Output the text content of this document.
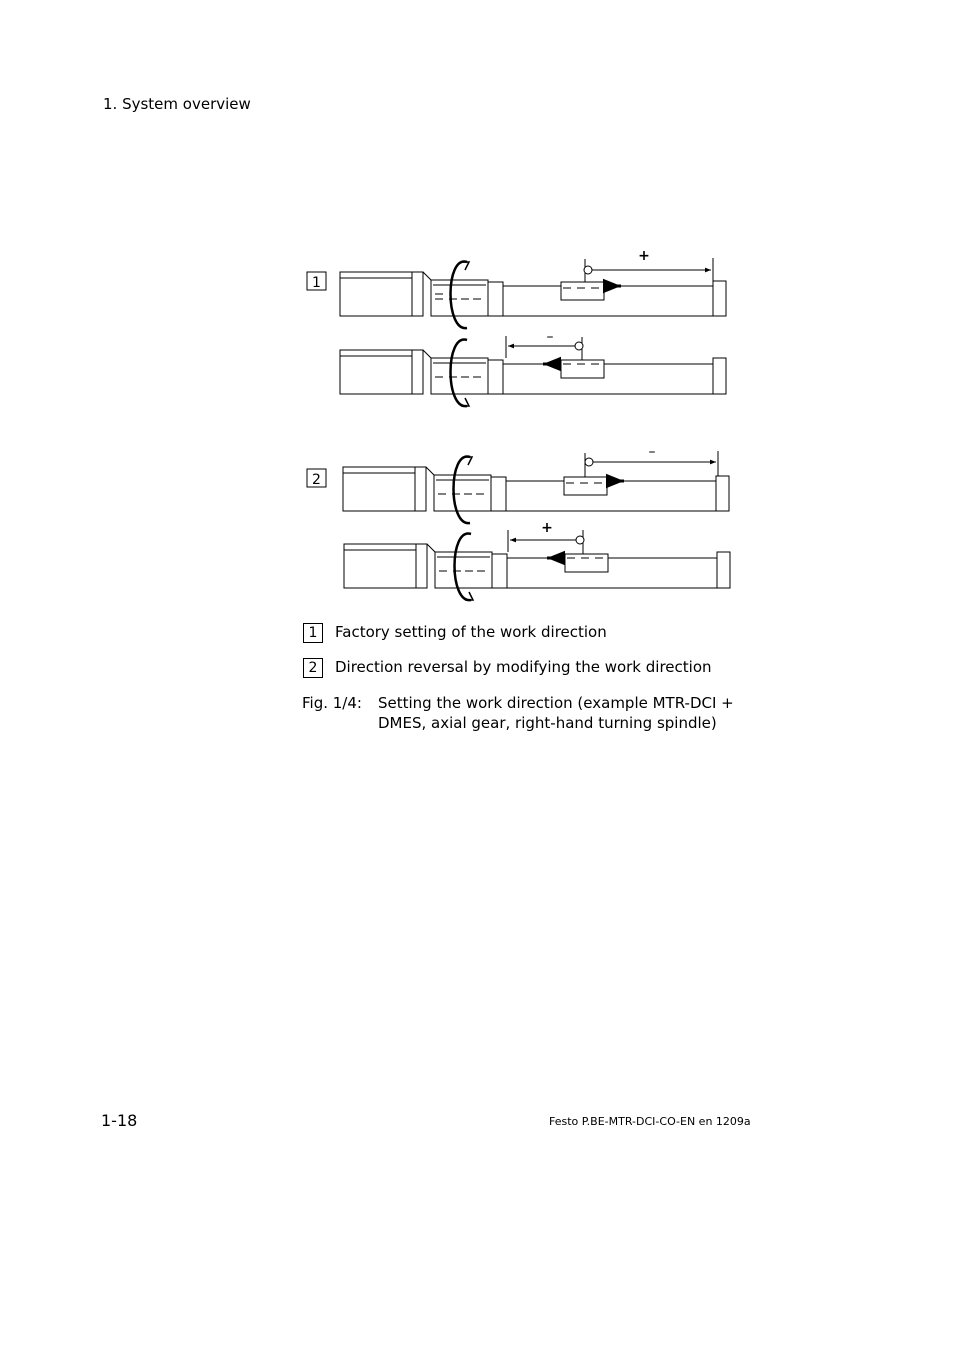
1. System overview
1
2
+
–
–
+
1	Factory setting of the work direction
2	Direction reversal by modifying the work direction
Fig. 1/4: Setting the work direction (example MTR-DCI +
DMES, axial gear, right-hand turning spindle)
1-18	Festo P.BE-MTR-DCI-CO-EN en 1209a
